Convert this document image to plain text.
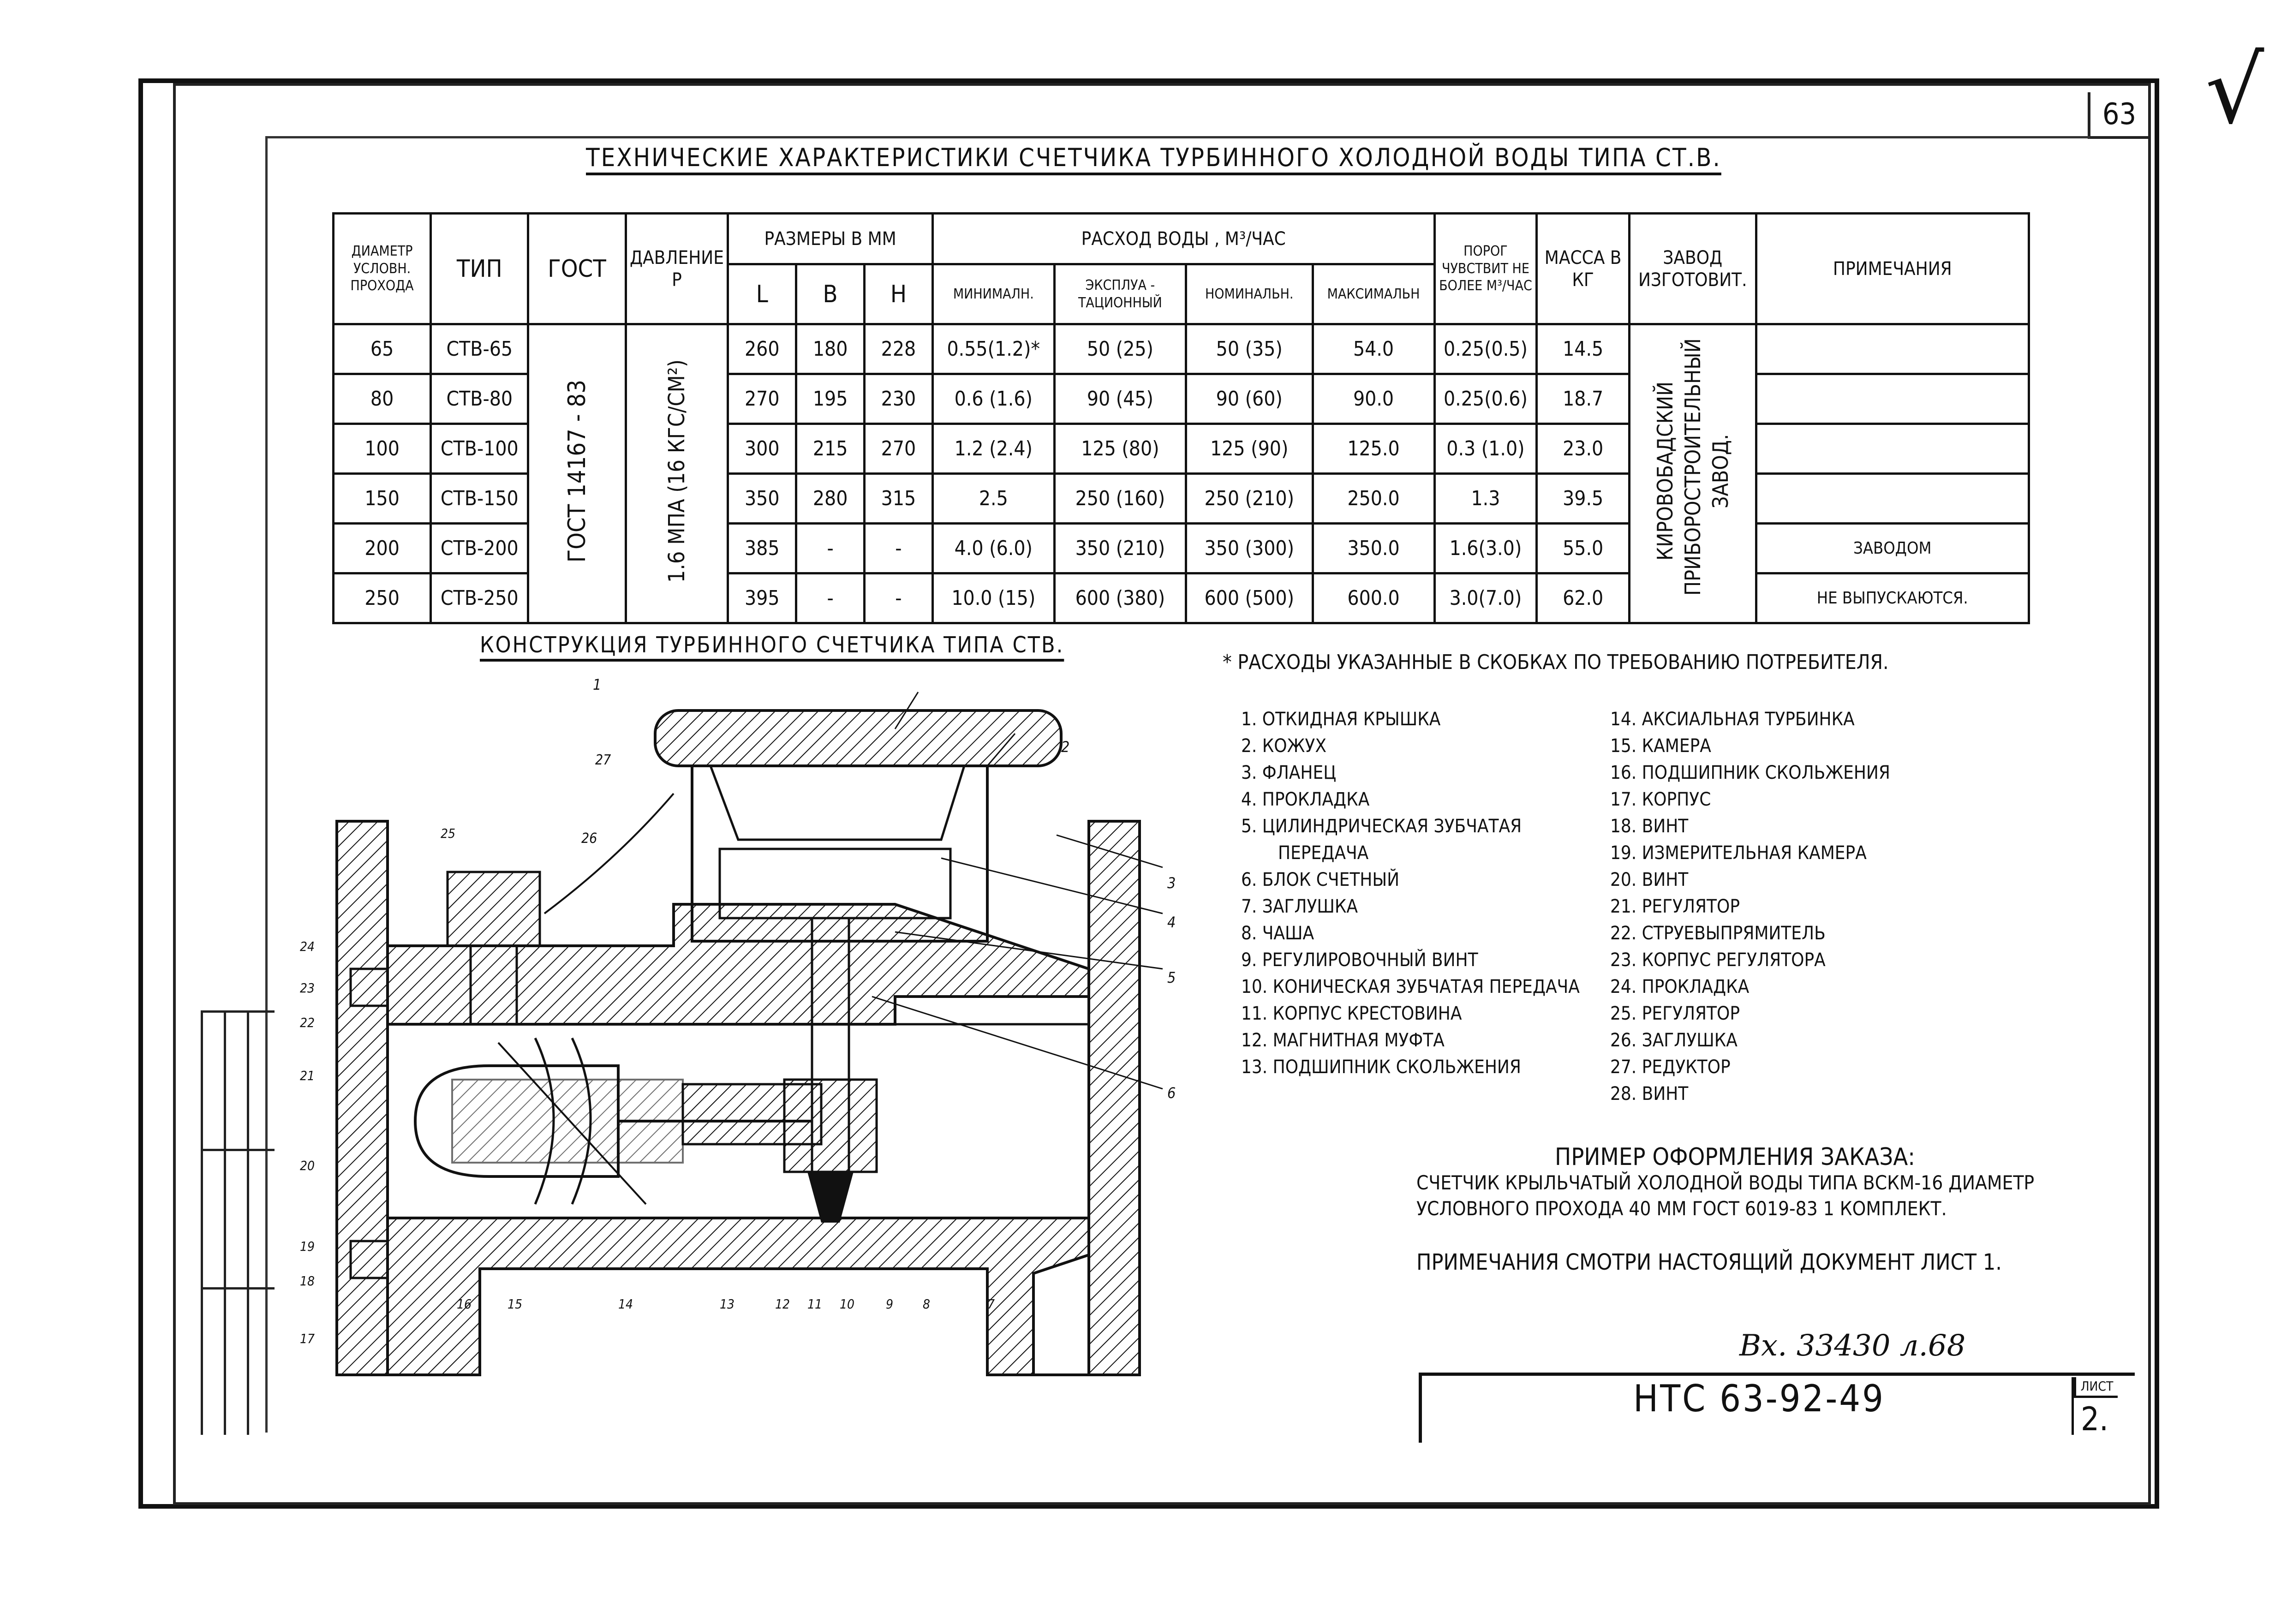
63 √
ТЕХНИЧЕСКИЕ ХАРАКТЕРИСТИКИ СЧЕТЧИКА ТУРБИННОГО ХОЛОДНОЙ ВОДЫ ТИПА СТ.В.
ДИАМЕТР УСЛОВН. ПРОХОДА	ТИП	ГОСТ	ДАВЛЕНИЕ Р	РАЗМЕРЫ В ММ			РАСХОД ВОДЫ , М³/ЧАС				ПОРОГ ЧУВСТВИТ НЕ БОЛЕЕ М³/ЧАС	МАССА В КГ	ЗАВОД ИЗГОТОВИТ.	ПРИМЕЧАНИЯ
				L	B	H	МИНИМАЛН.	ЭКСПЛУА - ТАЦИОННЫЙ	НОМИНАЛЬН.	МАКСИМАЛЬН				
65	СТВ-65	ГОСТ 14167 - 83	1.6 МПА (16 КГС/СМ²)	260	180	228	0.55(1.2)*	50 (25)	50 (35)	54.0	0.25(0.5)	14.5	КИРОВОБАДСКИЙ ПРИБОРОСТРОИТЕЛЬНЫЙ ЗАВОД.	
80	СТВ-80			270	195	230	0.6 (1.6)	90 (45)	90 (60)	90.0	0.25(0.6)	18.7		
100	СТВ-100			300	215	270	1.2 (2.4)	125 (80)	125 (90)	125.0	0.3 (1.0)	23.0		
150	СТВ-150			350	280	315	2.5	250 (160)	250 (210)	250.0	1.3	39.5		
200	СТВ-200			385	-	-	4.0 (6.0)	350 (210)	350 (300)	350.0	1.6(3.0)	55.0		ЗАВОДОМ
250	СТВ-250			395	-	-	10.0 (15)	600 (380)	600 (500)	600.0	3.0(7.0)	62.0		НЕ ВЫПУСКАЮТСЯ.
КОНСТРУКЦИЯ ТУРБИННОГО СЧЕТЧИКА ТИПА СТВ.
* РАСХОДЫ УКАЗАННЫЕ В СКОБКАХ ПО ТРЕБОВАНИЮ ПОТРЕБИТЕЛЯ.
1
2
3
4
5
6
27
26
25
24
23
22
21
20
19
18
17
16	15	14	13	12 11 10 9 8	7
1. ОТКИДНАЯ КРЫШКА
2. КОЖУХ
3. ФЛАНЕЦ
4. ПРОКЛАДКА
5. ЦИЛИНДРИЧЕСКАЯ ЗУБЧАТАЯ
ПЕРЕДАЧА
6. БЛОК СЧЕТНЫЙ
7. ЗАГЛУШКА
8. ЧАША
9. РЕГУЛИРОВОЧНЫЙ ВИНТ
10. КОНИЧЕСКАЯ ЗУБЧАТАЯ ПЕРЕДАЧА
11. КОРПУС КРЕСТОВИНА
12. МАГНИТНАЯ МУФТА
13. ПОДШИПНИК СКОЛЬЖЕНИЯ
14. АКСИАЛЬНАЯ ТУРБИНКА
15. КАМЕРА
16. ПОДШИПНИК СКОЛЬЖЕНИЯ
17. КОРПУС
18. ВИНТ
19. ИЗМЕРИТЕЛЬНАЯ КАМЕРА
20. ВИНТ
21. РЕГУЛЯТОР
22. СТРУЕВЫПРЯМИТЕЛЬ
23. КОРПУС РЕГУЛЯТОРА
24. ПРОКЛАДКА
25. РЕГУЛЯТОР
26. ЗАГЛУШКА
27. РЕДУКТОР
28. ВИНТ
ПРИМЕР ОФОРМЛЕНИЯ ЗАКАЗА:
СЧЕТЧИК КРЫЛЬЧАТЫЙ ХОЛОДНОЙ ВОДЫ ТИПА ВСКМ-16 ДИАМЕТР УСЛОВНОГО ПРОХОДА 40 ММ ГОСТ 6019-83 1 КОМПЛЕКТ.
ПРИМЕЧАНИЯ СМОТРИ НАСТОЯЩИЙ ДОКУМЕНТ ЛИСТ 1.
Вх. 33430 л.68
НТС 63-92-49	ЛИСТ
2.
